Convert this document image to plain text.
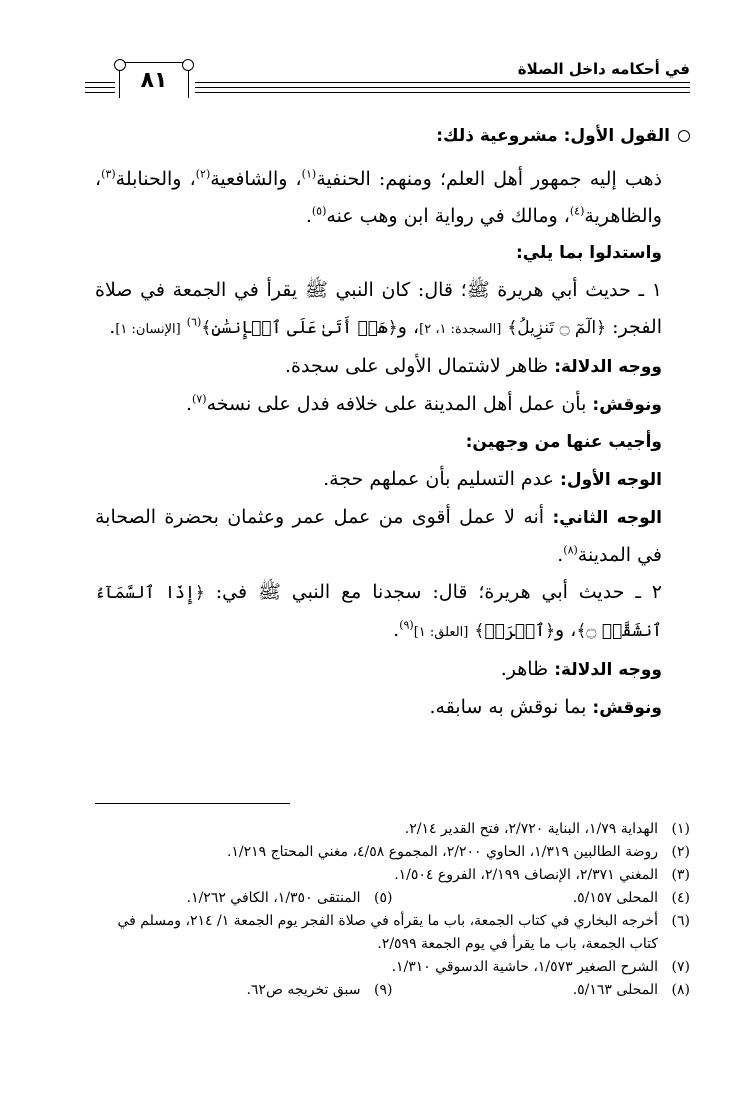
في أحكامه داخل الصلاة
٨١

القول الأول: مشروعية ذلك:

ذهب إليه جمهور أهل العلم؛ ومنهم: الحنفية$^{(١)}$، والشافعية$^{(٢)}$، والحنابلة$^{(٣)}$، والظاهرية$^{(٤)}$، ومالك في رواية ابن وهب عنه$^{(٥)}$.

واستدلوا بما يلي:

١ ـ حديث أبي هريرة ﷺ؛ قال: كان النبي ﷺ يقرأ في الجمعة في صلاة الفجر: ﴿الٓمٓ ۝ تَنزِيلُ﴾ [السجدة: ١، ٢]، و﴿هَلۡ أَتَىٰ عَلَى ٱلۡإِنسَٰنِ﴾$^{(٦)}$ [الإنسان: ١].

ووجه الدلالة: ظاهر لاشتمال الأولى على سجدة.

ونوقش: بأن عمل أهل المدينة على خلافه فدل على نسخه$^{(٧)}$.

وأجيب عنها من وجهين:

الوجه الأول: عدم التسليم بأن عملهم حجة.

الوجه الثاني: أنه لا عمل أقوى من عمل عمر وعثمان بحضرة الصحابة في المدينة$^{(٨)}$.

٢ ـ حديث أبي هريرة؛ قال: سجدنا مع النبي ﷺ في: ﴿إِذَا ٱلسَّمَآءُ ٱنشَقَّتۡ ۝﴾، و﴿ٱقۡرَأۡ﴾ [العلق: ١]$^{(٩)}$.

ووجه الدلالة: ظاهر.

ونوقش: بما نوقش به سابقه.

(١)
الهداية ١/٧٩، البناية ٢/٧٢٠، فتح القدير ٢/١٤.
(٢)
روضة الطالبين ١/٣١٩، الحاوي ٢/٢٠٠، المجموع ٤/٥٨، مغني المحتاج ١/٢١٩.
(٣)
المغني ٢/٣٧١، الإنصاف ٢/١٩٩، الفروع ١/٥٠٤.
(٤)
المحلى ٥/١٥٧.
(٥)
المنتقى ١/٣٥٠، الكافي ١/٢٦٢.
(٦)
أخرجه البخاري في كتاب الجمعة، باب ما يقرأه في صلاة الفجر يوم الجمعة ١/ ٢١٤، ومسلم في كتاب الجمعة، باب ما يقرأ في يوم الجمعة ٢/٥٩٩.
(٧)
الشرح الصغير ١/٥٧٣، حاشية الدسوقي ١/٣١٠.
(٨)
المحلى ٥/١٦٣.
(٩)
سبق تخريجه ص٦٢.
